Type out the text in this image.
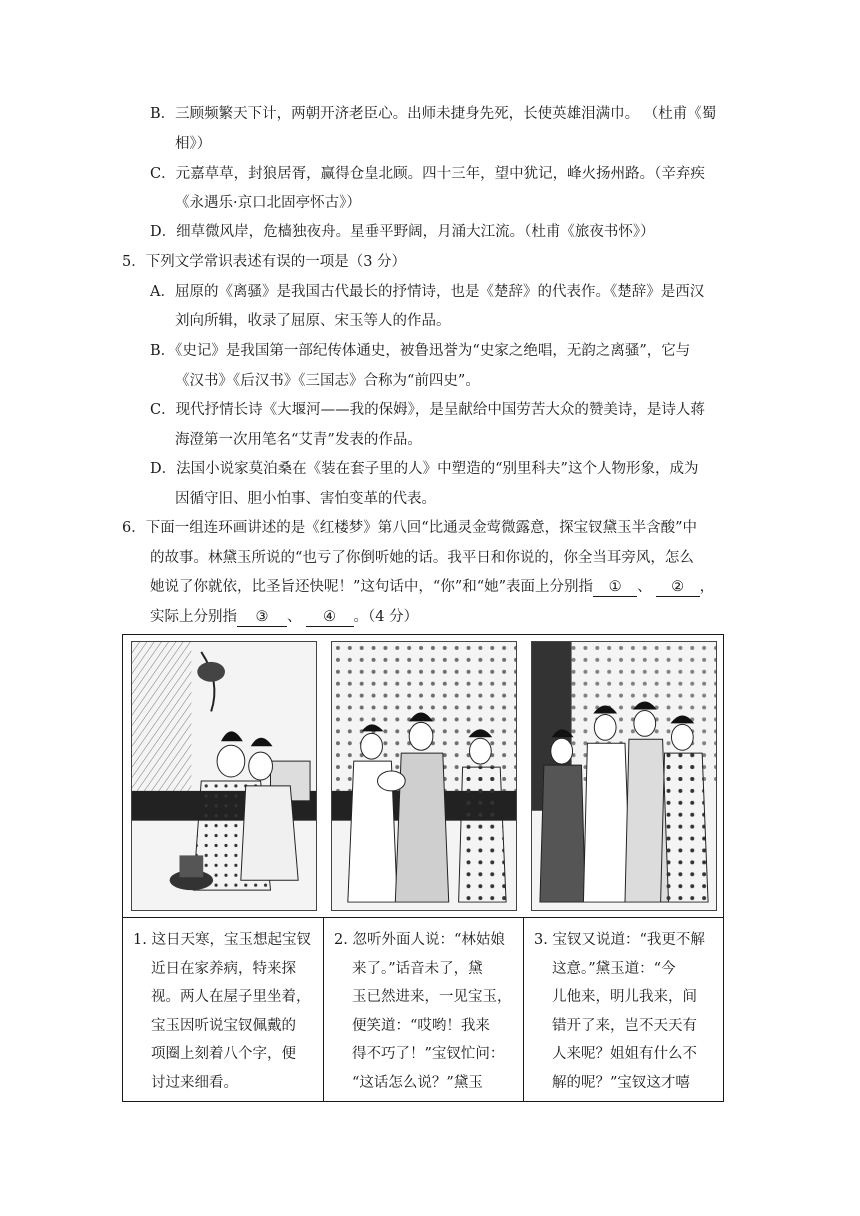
B．三顾频繁天下计，两朝开济老臣心。出师未捷身先死，长使英雄泪满巾。 （杜甫《蜀
相》）
C．元嘉草草，封狼居胥，赢得仓皇北顾。四十三年，望中犹记，峰火扬州路。（辛弃疾
《永遇乐·京口北固亭怀古》）
D．细草微风岸，危樯独夜舟。星垂平野阔，月涌大江流。（杜甫《旅夜书怀》）
5．下列文学常识表述有误的一项是（3 分）
A．屈原的《离骚》是我国古代最长的抒情诗，也是《楚辞》的代表作。《楚辞》是西汉
刘向所辑，收录了屈原、宋玉等人的作品。
B．《史记》是我国第一部纪传体通史，被鲁迅誉为“史家之绝唱，无韵之离骚”，它与
《汉书》《后汉书》《三国志》合称为“前四史”。
C．现代抒情长诗《大堰河——我的保姆》，是呈献给中国劳苦大众的赞美诗，是诗人蒋
海澄第一次用笔名“艾青”发表的作品。
D．法国小说家莫泊桑在《装在套子里的人》中塑造的“别里科夫”这个人物形象，成为
因循守旧、胆小怕事、害怕变革的代表。
6．下面一组连环画讲述的是《红楼梦》第八回“比通灵金莺微露意，探宝钗黛玉半含酸”中
的故事。林黛玉所说的“也亏了你倒听她的话。我平日和你说的，你全当耳旁风，怎么
她说了你就依，比圣旨还快呢！”这句话中，“你”和“她”表面上分别指 ① 、 ② ，
实际上分别指 ③ 、 ④ 。（4 分）

1. 这日天寒，宝玉想起宝钗

近日在家养病，特来探

视。两人在屋子里坐着，

宝玉因听说宝钗佩戴的

项圈上刻着八个字，便

讨过来细看。

2. 忽听外面人说：“林姑娘

来了。”话音未了，黛

玉已然进来，一见宝玉，

便笑道：“哎哟！我来

得不巧了！”宝钗忙问：

“这话怎么说？”黛玉

3. 宝钗又说道：“我更不解

这意。”黛玉道：“今

儿他来，明儿我来，间

错开了来，岂不天天有

人来呢？姐姐有什么不

解的呢？”宝钗这才嘻
